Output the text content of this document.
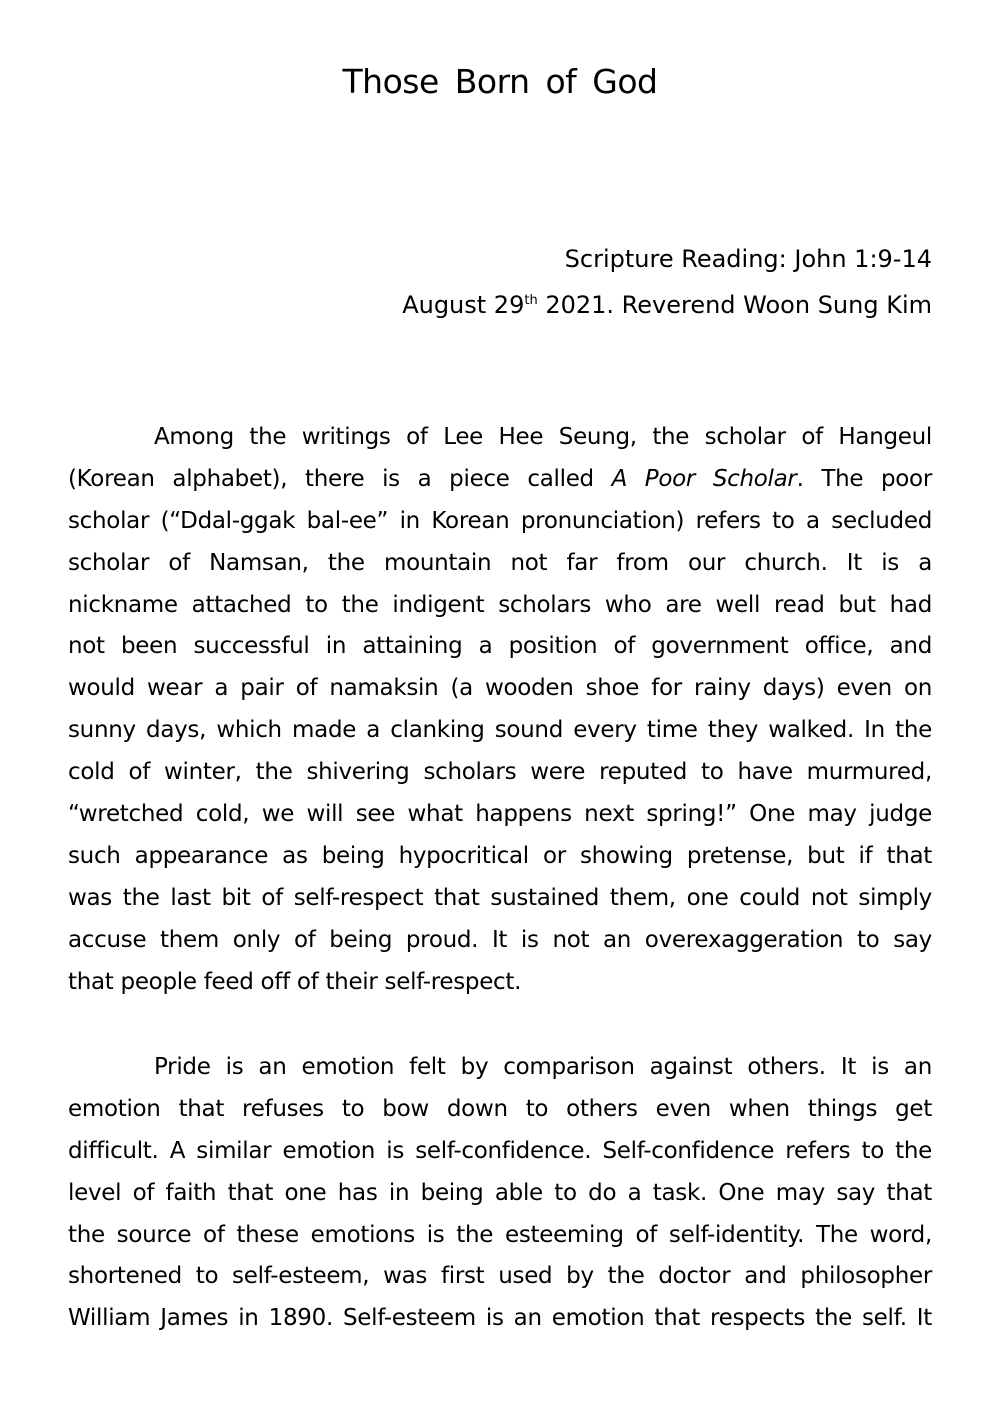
Those Born of God
Scripture Reading: John 1:9-14
August 29th 2021. Reverend Woon Sung Kim
Among the writings of Lee Hee Seung, the scholar of Hangeul
(Korean alphabet), there is a piece called A Poor Scholar. The poor
scholar (“Ddal-ggak bal-ee” in Korean pronunciation) refers to a secluded
scholar of Namsan, the mountain not far from our church. It is a
nickname attached to the indigent scholars who are well read but had
not been successful in attaining a position of government office, and
would wear a pair of namaksin (a wooden shoe for rainy days) even on
sunny days, which made a clanking sound every time they walked. In the
cold of winter, the shivering scholars were reputed to have murmured,
“wretched cold, we will see what happens next spring!” One may judge
such appearance as being hypocritical or showing pretense, but if that
was the last bit of self-respect that sustained them, one could not simply
accuse them only of being proud. It is not an overexaggeration to say
that people feed off of their self-respect.
Pride is an emotion felt by comparison against others. It is an
emotion that refuses to bow down to others even when things get
difficult. A similar emotion is self-confidence. Self-confidence refers to the
level of faith that one has in being able to do a task. One may say that
the source of these emotions is the esteeming of self-identity. The word,
shortened to self-esteem, was first used by the doctor and philosopher
William James in 1890. Self-esteem is an emotion that respects the self. It
